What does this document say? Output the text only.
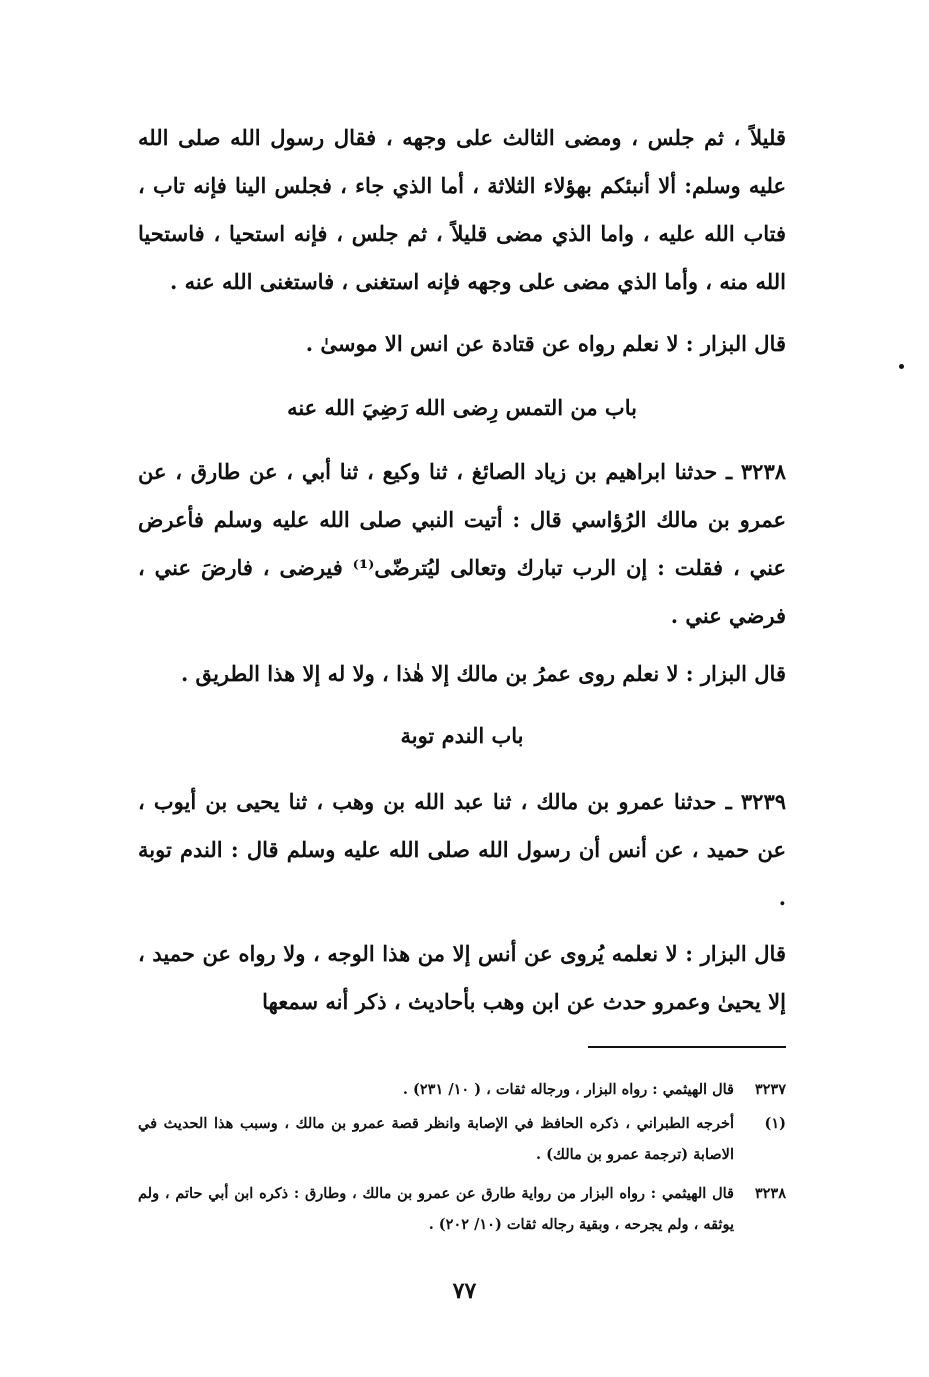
قليلاً ، ثم جلس ، ومضى الثالث على وجهه ، فقال رسول الله صلى الله عليه وسلم: ألا أنبئكم بهؤلاء الثلاثة ، أما الذي جاء ، فجلس الينا فإنه تاب ، فتاب الله عليه ، واما الذي مضى قليلاً ، ثم جلس ، فإنه استحيا ، فاستحيا الله منه ، وأما الذي مضى على وجهه فإنه استغنى ، فاستغنى الله عنه .

قال البزار : لا نعلم رواه عن قتادة عن انس الا موسىٰ .

باب من التمس رِضى الله رَضِيَ الله عنه

٣٢٣٨ ـ حدثنا ابراهيم بن زياد الصائغ ، ثنا وكيع ، ثنا أبي ، عن طارق ، عن عمرو بن مالك الرُؤاسي قال : أتيت النبي صلى الله عليه وسلم فأعرض عني ، فقلت : إن الرب تبارك وتعالى ليُترضّى⁽¹⁾ فيرضى ، فارضَ عني ، فرضي عني .

قال البزار : لا نعلم روى عمرُ بن مالك إلا هٰذا ، ولا له إلا هذا الطريق .

باب الندم توبة

٣٢٣٩ ـ حدثنا عمرو بن مالك ، ثنا عبد الله بن وهب ، ثنا يحيى بن أيوب ، عن حميد ، عن أنس أن رسول الله صلى الله عليه وسلم قال : الندم توبة .

قال البزار : لا نعلمه يُروى عن أنس إلا من هذا الوجه ، ولا رواه عن حميد ، إلا يحيىٰ وعمرو حدث عن ابن وهب بأحاديث ، ذكر أنه سمعها

٣٢٣٧
قال الهيثمي : رواه البزار ، ورجاله ثقات ، ( ١٠/ ٢٣١) .
(١)
أخرجه الطبراني ، ذكره الحافظ في الإصابة وانظر قصة عمرو بن مالك ، وسبب هذا الحديث في الاصابة (ترجمة عمرو بن مالك) .
٣٢٣٨
قال الهيثمي : رواه البزار من رواية طارق عن عمرو بن مالك ، وطارق : ذكره ابن أبي حاتم ، ولم يوثقه ، ولم يجرحه ، وبقية رجاله ثقات (١٠/ ٢٠٢) .
٧٧
